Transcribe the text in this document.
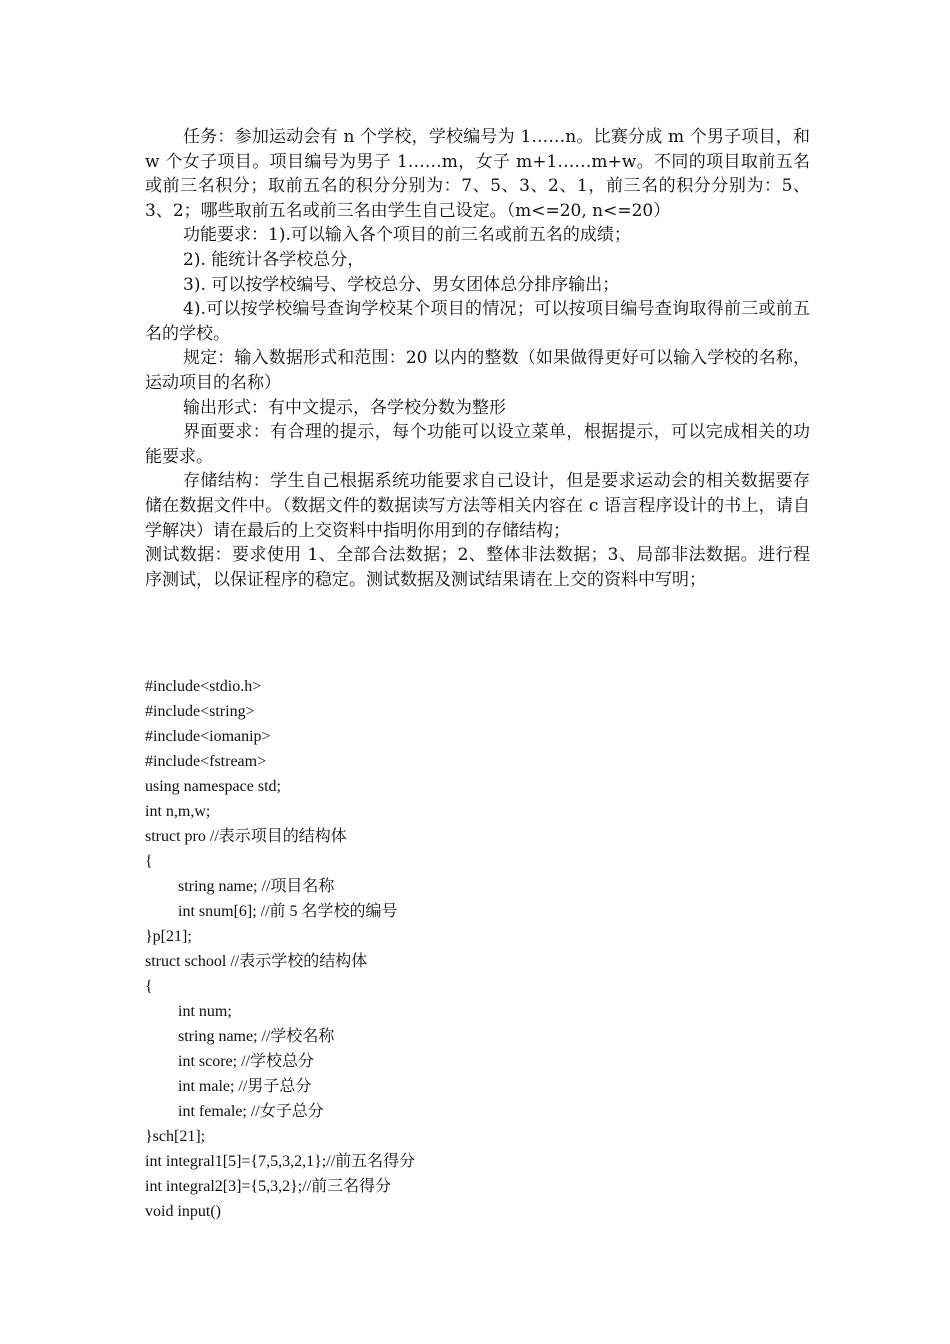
任务：参加运动会有 n 个学校，学校编号为 1……n。比赛分成 m 个男子项目，和 w 个女子项目。项目编号为男子 1……m，女子 m+1……m+w。不同的项目取前五名或前三名积分；取前五名的积分分别为：7、5、3、2、1，前三名的积分分别为：5、3、2；哪些取前五名或前三名由学生自己设定。（m<=20, n<=20）

功能要求：1).可以输入各个项目的前三名或前五名的成绩；

2). 能统计各学校总分，

3). 可以按学校编号、学校总分、男女团体总分排序输出；

4).可以按学校编号查询学校某个项目的情况；可以按项目编号查询取得前三或前五名的学校。

规定：输入数据形式和范围：20 以内的整数（如果做得更好可以输入学校的名称，运动项目的名称）

输出形式：有中文提示，各学校分数为整形

界面要求：有合理的提示，每个功能可以设立菜单，根据提示，可以完成相关的功能要求。

存储结构：学生自己根据系统功能要求自己设计，但是要求运动会的相关数据要存储在数据文件中。（数据文件的数据读写方法等相关内容在 c 语言程序设计的书上，请自学解决）请在最后的上交资料中指明你用到的存储结构；

测试数据：要求使用 1、全部合法数据；2、整体非法数据；3、局部非法数据。进行程序测试，以保证程序的稳定。测试数据及测试结果请在上交的资料中写明；

#include<stdio.h>
#include<string>
#include<iomanip>
#include<fstream>
using namespace std;
int n,m,w;
struct pro //表示项目的结构体
{
string name; //项目名称
int snum[6]; //前 5 名学校的编号
}p[21];
struct school //表示学校的结构体
{
int num;
string name; //学校名称
int score; //学校总分
int male; //男子总分
int female; //女子总分
}sch[21];
int integral1[5]={7,5,3,2,1};//前五名得分
int integral2[3]={5,3,2};//前三名得分
void input()
